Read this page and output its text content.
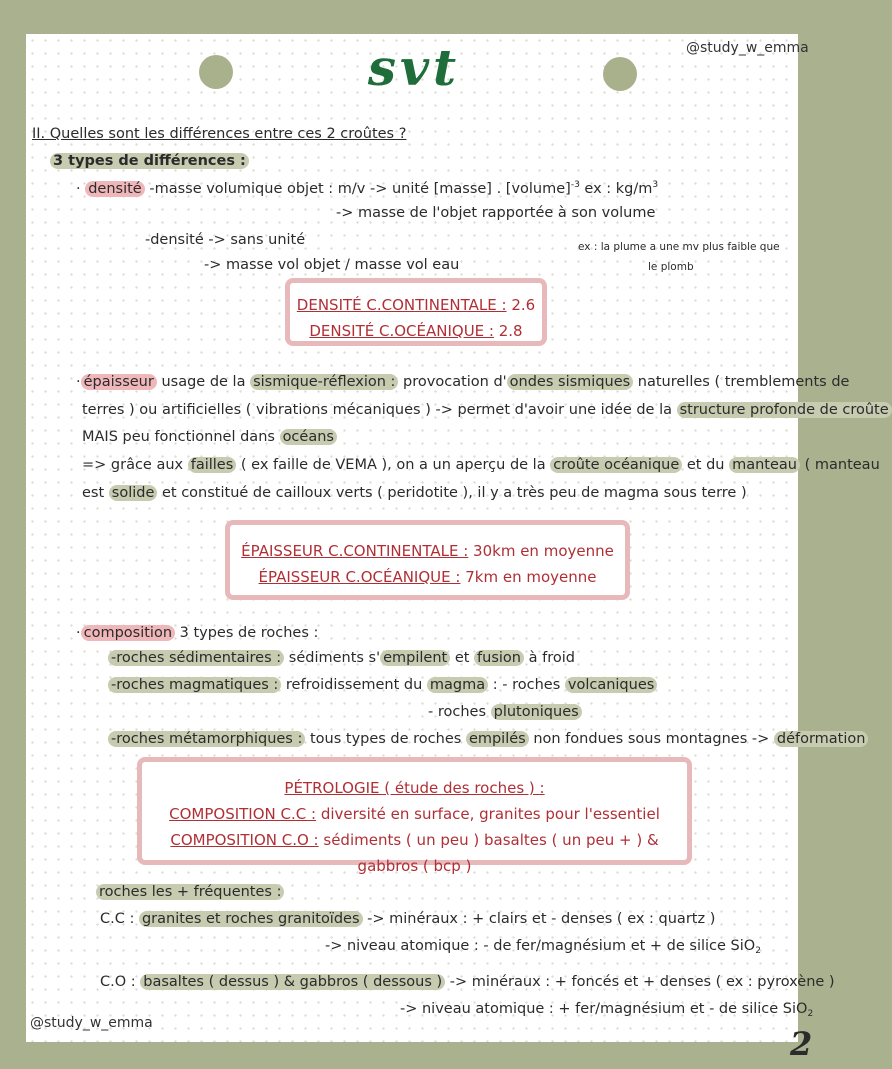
@study_w_emma
svt
II. Quelles sont les différences entre ces 2 croûtes ?
3 types de différences :
· densité -masse volumique objet : m/v -> unité [masse] . [volume]$^{-3}$ ex : $kg/m^3$
-> masse de l'objet rapportée à son volume
-densité -> sans unité
-> masse vol objet / masse vol eau
ex : la plume a une mv plus faible que
le plomb
DENSITÉ C.CONTINENTALE : 2.6
DENSITÉ C.OCÉANIQUE : 2.8
· épaisseur usage de la sismique-réflexion : provocation d' ondes sismiques naturelles ( tremblements de
terres ) ou artificielles ( vibrations mécaniques ) -> permet d'avoir une idée de la structure profonde de croûte
MAIS peu fonctionnel dans océans
=> grâce aux failles ( ex faille de VEMA ), on a un aperçu de la croûte océanique et du manteau ( manteau
est solide et constitué de cailloux verts ( peridotite ), il y a très peu de magma sous terre )
ÉPAISSEUR C.CONTINENTALE : 30km en moyenne
ÉPAISSEUR C.OCÉANIQUE : 7km en moyenne
· composition 3 types de roches :
-roches sédimentaires : sédiments s' empilent et fusion à froid
-roches magmatiques : refroidissement du magma : - roches volcaniques
- roches plutoniques
-roches métamorphiques : tous types de roches empilés non fondues sous montagnes -> déformation
PÉTROLOGIE ( étude des roches ) :
COMPOSITION C.C : diversité en surface, granites pour l'essentiel
COMPOSITION C.O : sédiments ( un peu ) basaltes ( un peu + ) & gabbros ( bcp )
roches les + fréquentes :
C.C : granites et roches granitoïdes -> minéraux : + clairs et - denses ( ex : quartz )
-> niveau atomique : - de fer/magnésium et + de silice SiO$_2$
C.O : basaltes ( dessus ) & gabbros ( dessous ) -> minéraux : + foncés et + denses ( ex : pyroxène )
-> niveau atomique : + fer/magnésium et - de silice SiO$_2$
@study_w_emma
2
